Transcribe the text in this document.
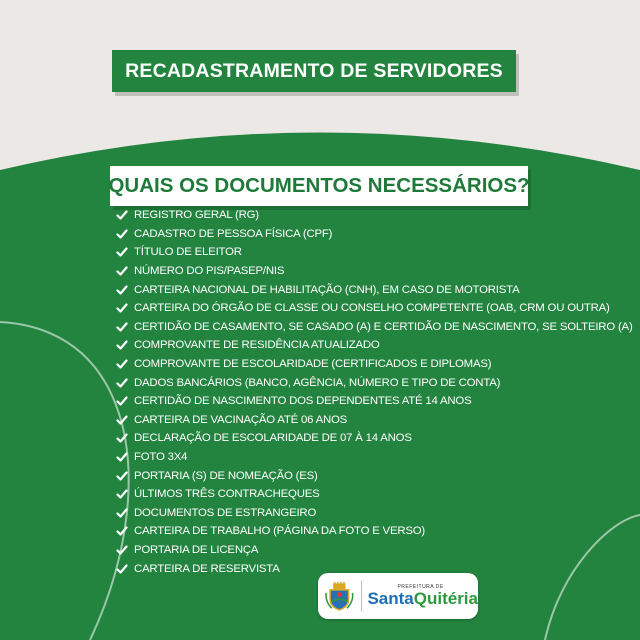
RECADASTRAMENTO DE SERVIDORES
QUAIS OS DOCUMENTOS NECESSÁRIOS?
REGISTRO GERAL (RG)
CADASTRO DE PESSOA FÍSICA (CPF)
TÍTULO DE ELEITOR
NÚMERO DO PIS/PASEP/NIS
CARTEIRA NACIONAL DE HABILITAÇÃO (CNH), EM CASO DE MOTORISTA
CARTEIRA DO ÓRGÃO DE CLASSE OU CONSELHO COMPETENTE (OAB, CRM OU OUTRA)
CERTIDÃO DE CASAMENTO, SE CASADO (A) E CERTIDÃO DE NASCIMENTO, SE SOLTEIRO (A)
COMPROVANTE DE RESIDÊNCIA ATUALIZADO
COMPROVANTE DE ESCOLARIDADE (CERTIFICADOS E DIPLOMAS)
DADOS BANCÁRIOS (BANCO, AGÊNCIA, NÚMERO E TIPO DE CONTA)
CERTIDÃO DE NASCIMENTO DOS DEPENDENTES ATÉ 14 ANOS
CARTEIRA DE VACINAÇÃO ATÉ 06 ANOS
DECLARAÇÃO DE ESCOLARIDADE DE 07 À 14 ANOS
FOTO 3X4
PORTARIA (S) DE NOMEAÇÃO (ES)
ÚLTIMOS TRÊS CONTRACHEQUES
DOCUMENTOS DE ESTRANGEIRO
CARTEIRA DE TRABALHO (PÁGINA DA FOTO E VERSO)
PORTARIA DE LICENÇA
CARTEIRA DE RESERVISTA
PREFEITURA DE
SantaQuitéria
